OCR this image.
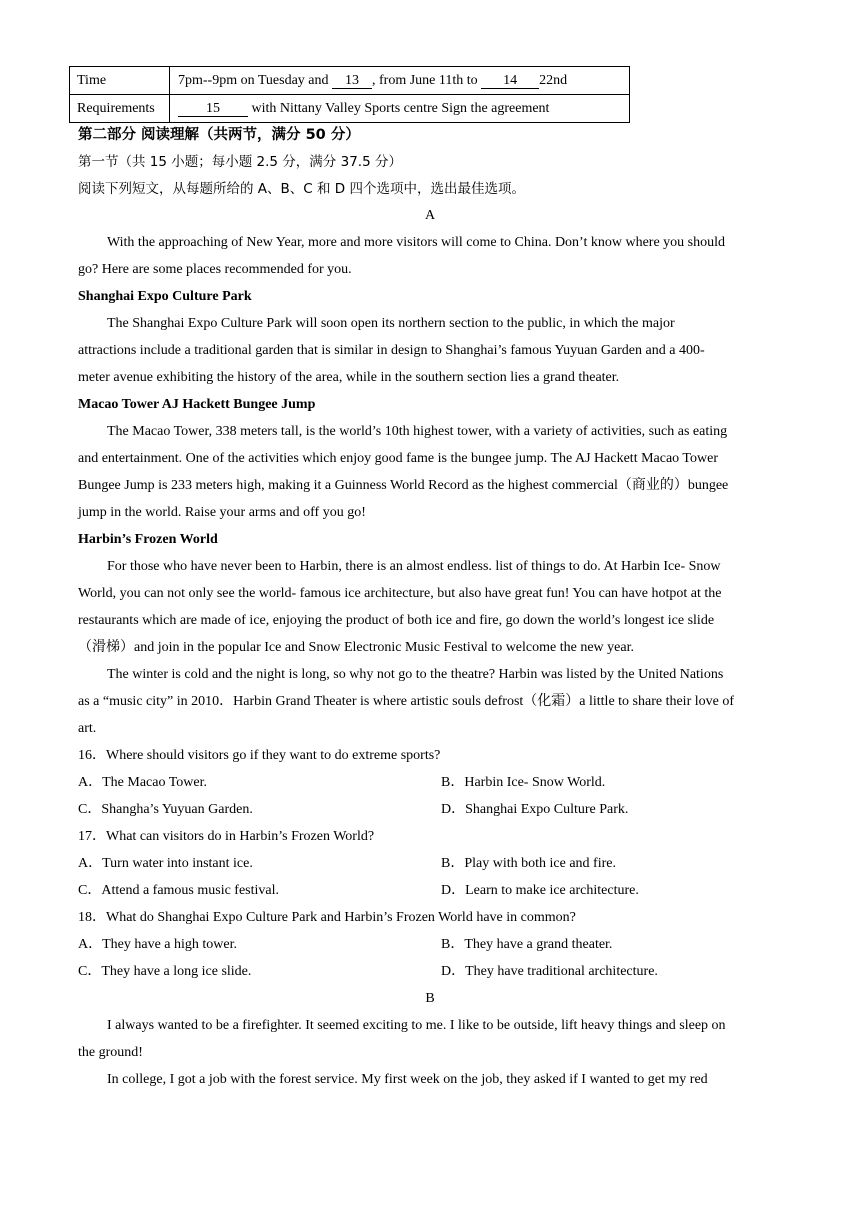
Time	7pm--9pm on Tuesday and 13 , from June 11th to 14 22nd
Requirements	15 with Nittany Valley Sports centre Sign the agreement
第二部分 阅读理解（共两节，满分 50 分）
第一节（共 15 小题；每小题 2.5 分，满分 37.5 分）
阅读下列短文，从每题所给的 A、B、C 和 D 四个选项中，选出最佳选项。
A
With the approaching of New Year, more and more visitors will come to China. Don’t know where you should
go? Here are some places recommended for you.
Shanghai Expo Culture Park
The Shanghai Expo Culture Park will soon open its northern section to the public, in which the major
attractions include a traditional garden that is similar in design to Shanghai’s famous Yuyuan Garden and a 400-
meter avenue exhibiting the history of the area, while in the southern section lies a grand theater.
Macao Tower AJ Hackett Bungee Jump
The Macao Tower, 338 meters tall, is the world’s 10th highest tower, with a variety of activities, such as eating
and entertainment. One of the activities which enjoy good fame is the bungee jump. The AJ Hackett Macao Tower
Bungee Jump is 233 meters high, making it a Guinness World Record as the highest commercial（商业的）bungee
jump in the world. Raise your arms and off you go!
Harbin’s Frozen World
For those who have never been to Harbin, there is an almost endless. list of things to do. At Harbin Ice- Snow
World, you can not only see the world- famous ice architecture, but also have great fun! You can have hotpot at the
restaurants which are made of ice, enjoying the product of both ice and fire, go down the world’s longest ice slide
（滑梯）and join in the popular Ice and Snow Electronic Music Festival to welcome the new year.
The winter is cold and the night is long, so why not go to the theatre? Harbin was listed by the United Nations
as a “music city” in 2010．Harbin Grand Theater is where artistic souls defrost（化霜）a little to share their love of
art.
16．Where should visitors go if they want to do extreme sports?
A．The Macao Tower.	B．Harbin Ice- Snow World.
C．Shangha’s Yuyuan Garden.	D．Shanghai Expo Culture Park.
17．What can visitors do in Harbin’s Frozen World?
A．Turn water into instant ice.	B．Play with both ice and fire.
C．Attend a famous music festival.	D．Learn to make ice architecture.
18．What do Shanghai Expo Culture Park and Harbin’s Frozen World have in common?
A．They have a high tower.	B．They have a grand theater.
C．They have a long ice slide.	D．They have traditional architecture.
B
I always wanted to be a firefighter. It seemed exciting to me. I like to be outside, lift heavy things and sleep on
the ground!
In college, I got a job with the forest service. My first week on the job, they asked if I wanted to get my red
